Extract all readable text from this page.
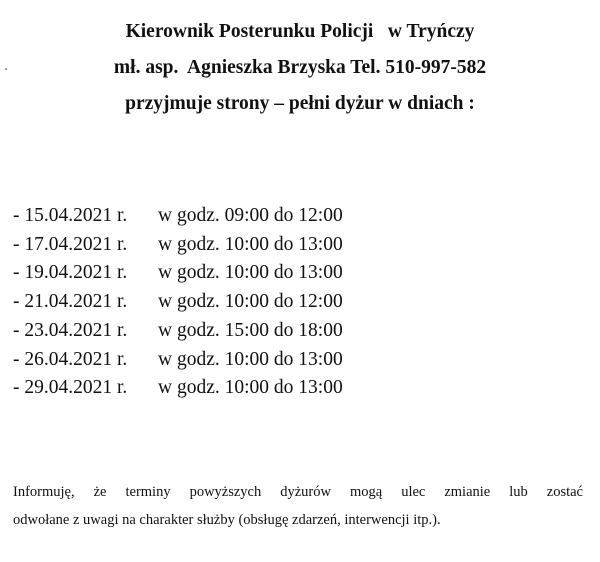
Kierownik Posterunku Policji   w Tryńczy
mł. asp.  Agnieszka Brzyska Tel. 510-997-582
przyjmuje strony – pełni dyżur w dniach :
- 15.04.2021 r.	w godz. 09:00 do 12:00
- 17.04.2021 r.	w godz. 10:00 do 13:00
- 19.04.2021 r.	w godz. 10:00 do 13:00
- 21.04.2021 r.	w godz. 10:00 do 12:00
- 23.04.2021 r.	w godz. 15:00 do 18:00
- 26.04.2021 r.	w godz. 10:00 do 13:00
- 29.04.2021 r.	w godz. 10:00 do 13:00
Informuję, że terminy powyższych dyżurów mogą ulec zmianie lub zostać
odwołane z uwagi na charakter służby (obsługę zdarzeń, interwencji itp.).
